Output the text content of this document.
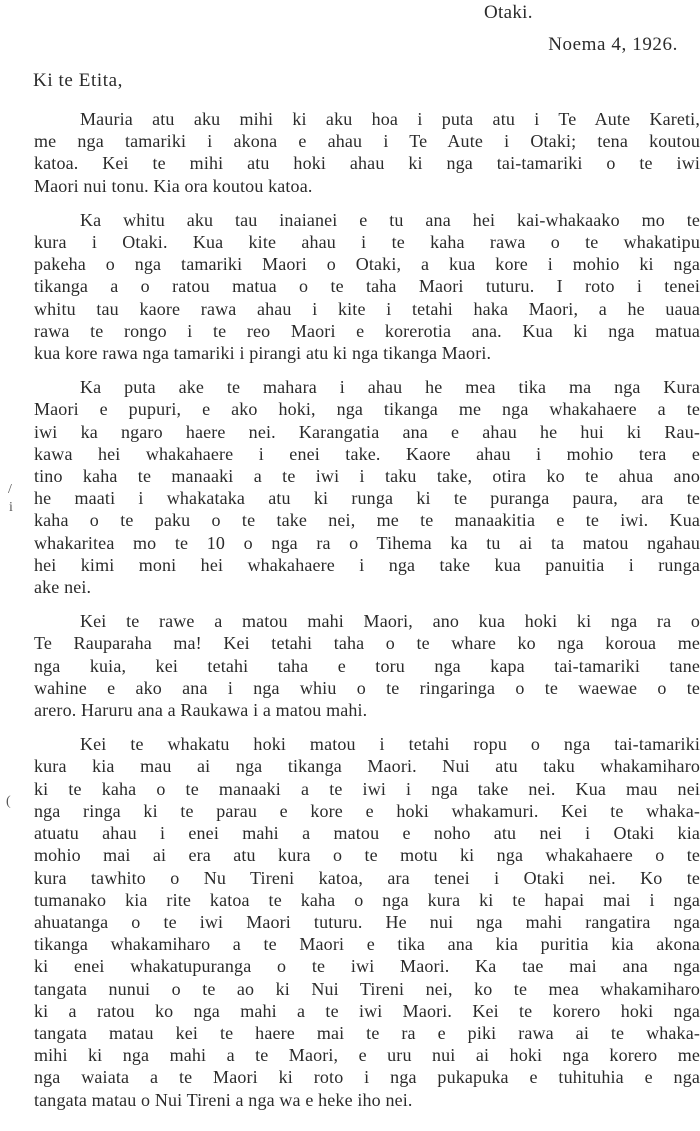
Otaki.
Noema 4, 1926.
Ki te Etita,
Mauria atu aku mihi ki aku hoa i puta atu i Te Aute Kareti,
me nga tamariki i akona e ahau i Te Aute i Otaki; tena koutou
katoa. Kei te mihi atu hoki ahau ki nga tai-tamariki o te iwi
Maori nui tonu. Kia ora koutou katoa.
Ka whitu aku tau inaianei e tu ana hei kai-whakaako mo te
kura i Otaki. Kua kite ahau i te kaha rawa o te whakatipu
pakeha o nga tamariki Maori o Otaki, a kua kore i mohio ki nga
tikanga a o ratou matua o te taha Maori tuturu. I roto i tenei
whitu tau kaore rawa ahau i kite i tetahi haka Maori, a he uaua
rawa te rongo i te reo Maori e korerotia ana. Kua ki nga matua
kua kore rawa nga tamariki i pirangi atu ki nga tikanga Maori.
Ka puta ake te mahara i ahau he mea tika ma nga Kura
Maori e pupuri, e ako hoki, nga tikanga me nga whakahaere a te
iwi ka ngaro haere nei. Karangatia ana e ahau he hui ki Rau-
kawa hei whakahaere i enei take. Kaore ahau i mohio tera e
tino kaha te manaaki a te iwi i taku take, otira ko te ahua ano
he maati i whakataka atu ki runga ki te puranga paura, ara te
kaha o te paku o te take nei, me te manaakitia e te iwi. Kua
whakaritea mo te 10 o nga ra o Tihema ka tu ai ta matou ngahau
hei kimi moni hei whakahaere i nga take kua panuitia i runga
ake nei.
Kei te rawe a matou mahi Maori, ano kua hoki ki nga ra o
Te Rauparaha ma! Kei tetahi taha o te whare ko nga koroua me
nga kuia, kei tetahi taha e toru nga kapa tai-tamariki tane
wahine e ako ana i nga whiu o te ringaringa o te waewae o te
arero. Haruru ana a Raukawa i a matou mahi.
Kei te whakatu hoki matou i tetahi ropu o nga tai-tamariki
kura kia mau ai nga tikanga Maori. Nui atu taku whakamiharo
ki te kaha o te manaaki a te iwi i nga take nei. Kua mau nei
nga ringa ki te parau e kore e hoki whakamuri. Kei te whaka-
atuatu ahau i enei mahi a matou e noho atu nei i Otaki kia
mohio mai ai era atu kura o te motu ki nga whakahaere o te
kura tawhito o Nu Tireni katoa, ara tenei i Otaki nei. Ko te
tumanako kia rite katoa te kaha o nga kura ki te hapai mai i nga
ahuatanga o te iwi Maori tuturu. He nui nga mahi rangatira nga
tikanga whakamiharo a te Maori e tika ana kia puritia kia akona
ki enei whakatupuranga o te iwi Maori. Ka tae mai ana nga
tangata nunui o te ao ki Nui Tireni nei, ko te mea whakamiharo
ki a ratou ko nga mahi a te iwi Maori. Kei te korero hoki nga
tangata matau kei te haere mai te ra e piki rawa ai te whaka-
mihi ki nga mahi a te Maori, e uru nui ai hoki nga korero me
nga waiata a te Maori ki roto i nga pukapuka e tuhituhia e nga
tangata matau o Nui Tireni a nga wa e heke iho nei.
/
i
(
